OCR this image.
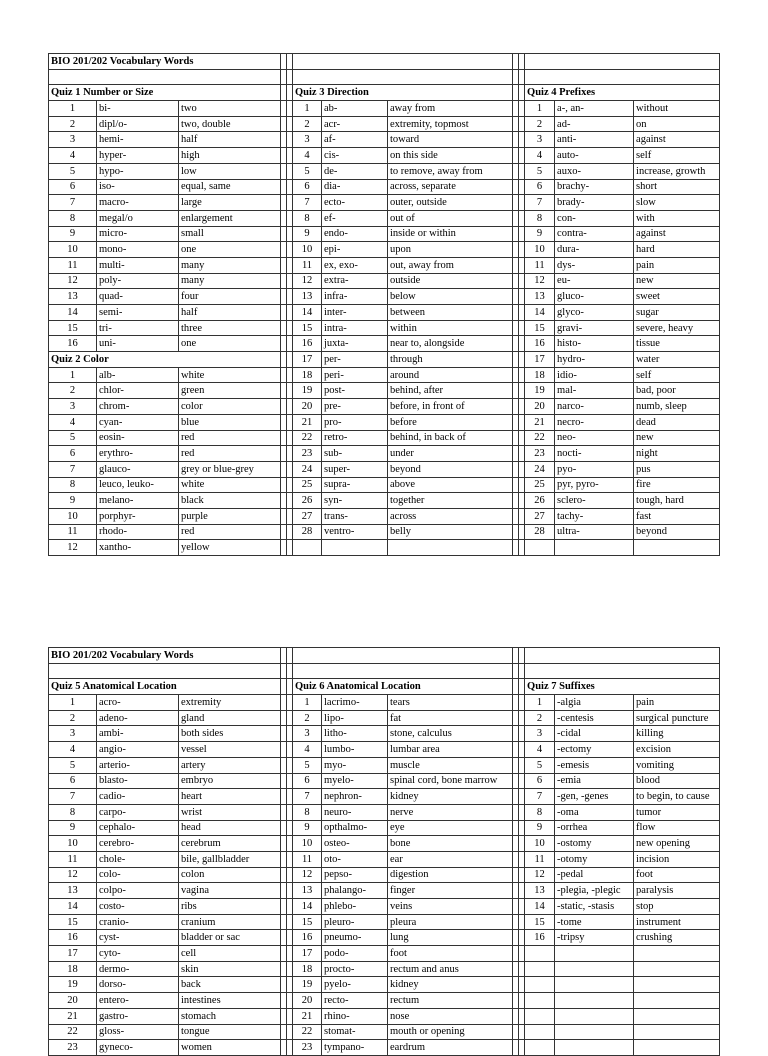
BIO 201/202 Vocabulary Words												

Quiz 1 Number or Size					Quiz 3 Direction					Quiz 4 Prefixes		
1	bi-	two			1	ab-	away from			1	a-, an-	without
2	dipl/o-	two, double			2	acr-	extremity, topmost			2	ad-	on
3	hemi-	half			3	af-	toward			3	anti-	against
4	hyper-	high			4	cis-	on this side			4	auto-	self
5	hypo-	low			5	de-	to remove, away from			5	auxo-	increase, growth
6	iso-	equal, same			6	dia-	across, separate			6	brachy-	short
7	macro-	large			7	ecto-	outer, outside			7	brady-	slow
8	megal/o	enlargement			8	ef-	out of			8	con-	with
9	micro-	small			9	endo-	inside or within			9	contra-	against
10	mono-	one			10	epi-	upon			10	dura-	hard
11	multi-	many			11	ex, exo-	out, away from			11	dys-	pain
12	poly-	many			12	extra-	outside			12	eu-	new
13	quad-	four			13	infra-	below			13	gluco-	sweet
14	semi-	half			14	inter-	between			14	glyco-	sugar
15	tri-	three			15	intra-	within			15	gravi-	severe, heavy
16	uni-	one			16	juxta-	near to, alongside			16	histo-	tissue
Quiz 2 Color					17	per-	through			17	hydro-	water
1	alb-	white			18	peri-	around			18	idio-	self
2	chlor-	green			19	post-	behind, after			19	mal-	bad, poor
3	chrom-	color			20	pre-	before, in front of			20	narco-	numb, sleep
4	cyan-	blue			21	pro-	before			21	necro-	dead
5	eosin-	red			22	retro-	behind, in back of			22	neo-	new
6	erythro-	red			23	sub-	under			23	nocti-	night
7	glauco-	grey or blue-grey			24	super-	beyond			24	pyo-	pus
8	leuco, leuko-	white			25	supra-	above			25	pyr, pyro-	fire
9	melano-	black			26	syn-	together			26	sclero-	tough, hard
10	porphyr-	purple			27	trans-	across			27	tachy-	fast
11	rhodo-	red			28	ventro-	belly			28	ultra-	beyond
12	xantho-	yellow										
BIO 201/202 Vocabulary Words												

Quiz 5 Anatomical Location					Quiz 6 Anatomical Location					Quiz 7 Suffixes		
1	acro-	extremity			1	lacrimo-	tears			1	-algia	pain
2	adeno-	gland			2	lipo-	fat			2	-centesis	surgical puncture
3	ambi-	both sides			3	litho-	stone, calculus			3	-cidal	killing
4	angio-	vessel			4	lumbo-	lumbar area			4	-ectomy	excision
5	arterio-	artery			5	myo-	muscle			5	-emesis	vomiting
6	blasto-	embryo			6	myelo-	spinal cord, bone marrow			6	-emia	blood
7	cadio-	heart			7	nephron-	kidney			7	-gen, -genes	to begin, to cause
8	carpo-	wrist			8	neuro-	nerve			8	-oma	tumor
9	cephalo-	head			9	opthalmo-	eye			9	-orrhea	flow
10	cerebro-	cerebrum			10	osteo-	bone			10	-ostomy	new opening
11	chole-	bile, gallbladder			11	oto-	ear			11	-otomy	incision
12	colo-	colon			12	pepso-	digestion			12	-pedal	foot
13	colpo-	vagina			13	phalango-	finger			13	-plegia, -plegic	paralysis
14	costo-	ribs			14	phlebo-	veins			14	-static, -stasis	stop
15	cranio-	cranium			15	pleuro-	pleura			15	-tome	instrument
16	cyst-	bladder or sac			16	pneumo-	lung			16	-tripsy	crushing
17	cyto-	cell			17	podo-	foot					
18	dermo-	skin			18	procto-	rectum and anus					
19	dorso-	back			19	pyelo-	kidney					
20	entero-	intestines			20	recto-	rectum					
21	gastro-	stomach			21	rhino-	nose					
22	gloss-	tongue			22	stomat-	mouth or opening					
23	gyneco-	women			23	tympano-	eardrum					
